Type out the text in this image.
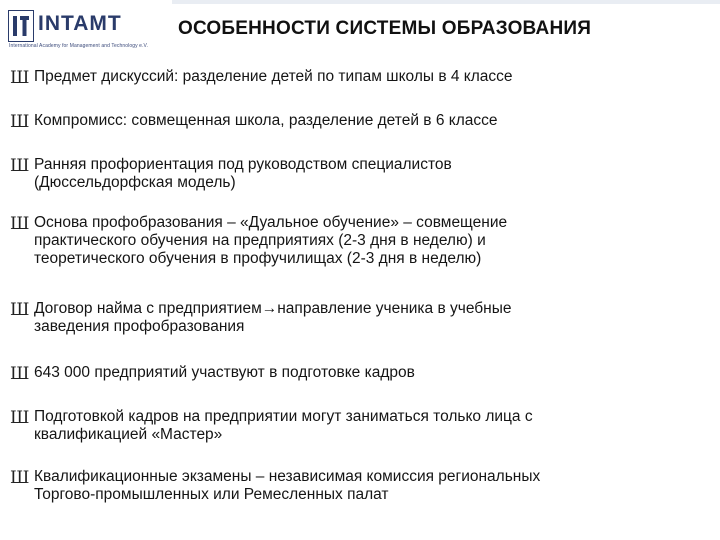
INTAMT
International Academy for Management and Technology e.V.
ОСОБЕННОСТИ СИСТЕМЫ ОБРАЗОВАНИЯ
Ш Предмет дискуссий: разделение детей по типам школы в 4 классе
Ш Компромисс: совмещенная школа, разделение детей в 6 классе
Ш Ранняя профориентация под руководством специалистов
(Дюссельдорфская модель)
Ш Основа профобразования – «Дуальное обучение» – совмещение
практического обучения на предприятиях (2-3 дня в неделю) и
теоретического обучения в профучилищах (2-3 дня в неделю)
Ш Договор найма с предприятием→направление ученика в учебные
заведения профобразования
Ш 643 000 предприятий участвуют в подготовке кадров
Ш Подготовкой кадров на предприятии могут заниматься только лица с
квалификацией «Мастер»
Ш Квалификационные экзамены – независимая комиссия региональных
Торгово-промышленных или Ремесленных палат
